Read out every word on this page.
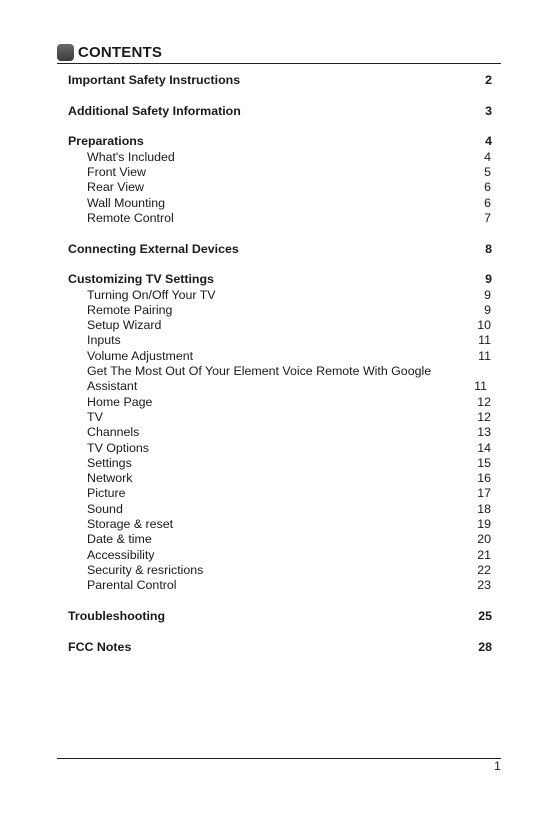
CONTENTS
Important Safety Instructions	2
Additional Safety Information	3
Preparations	4
What's Included	4
Front View	5
Rear View	6
Wall Mounting	6
Remote Control	7
Connecting External Devices	8
Customizing TV Settings	9
Turning On/Off Your TV	9
Remote Pairing	9
Setup Wizard	10
Inputs	11
Volume Adjustment	11
Get The Most Out Of Your Element Voice Remote With Google
Assistant	11
Home Page	12
TV	12
Channels	13
TV Options	14
Settings	15
Network	16
Picture	17
Sound	18
Storage & reset	19
Date & time	20
Accessibility	21
Security & resrictions	22
Parental Control	23
Troubleshooting	25
FCC Notes	28
1
